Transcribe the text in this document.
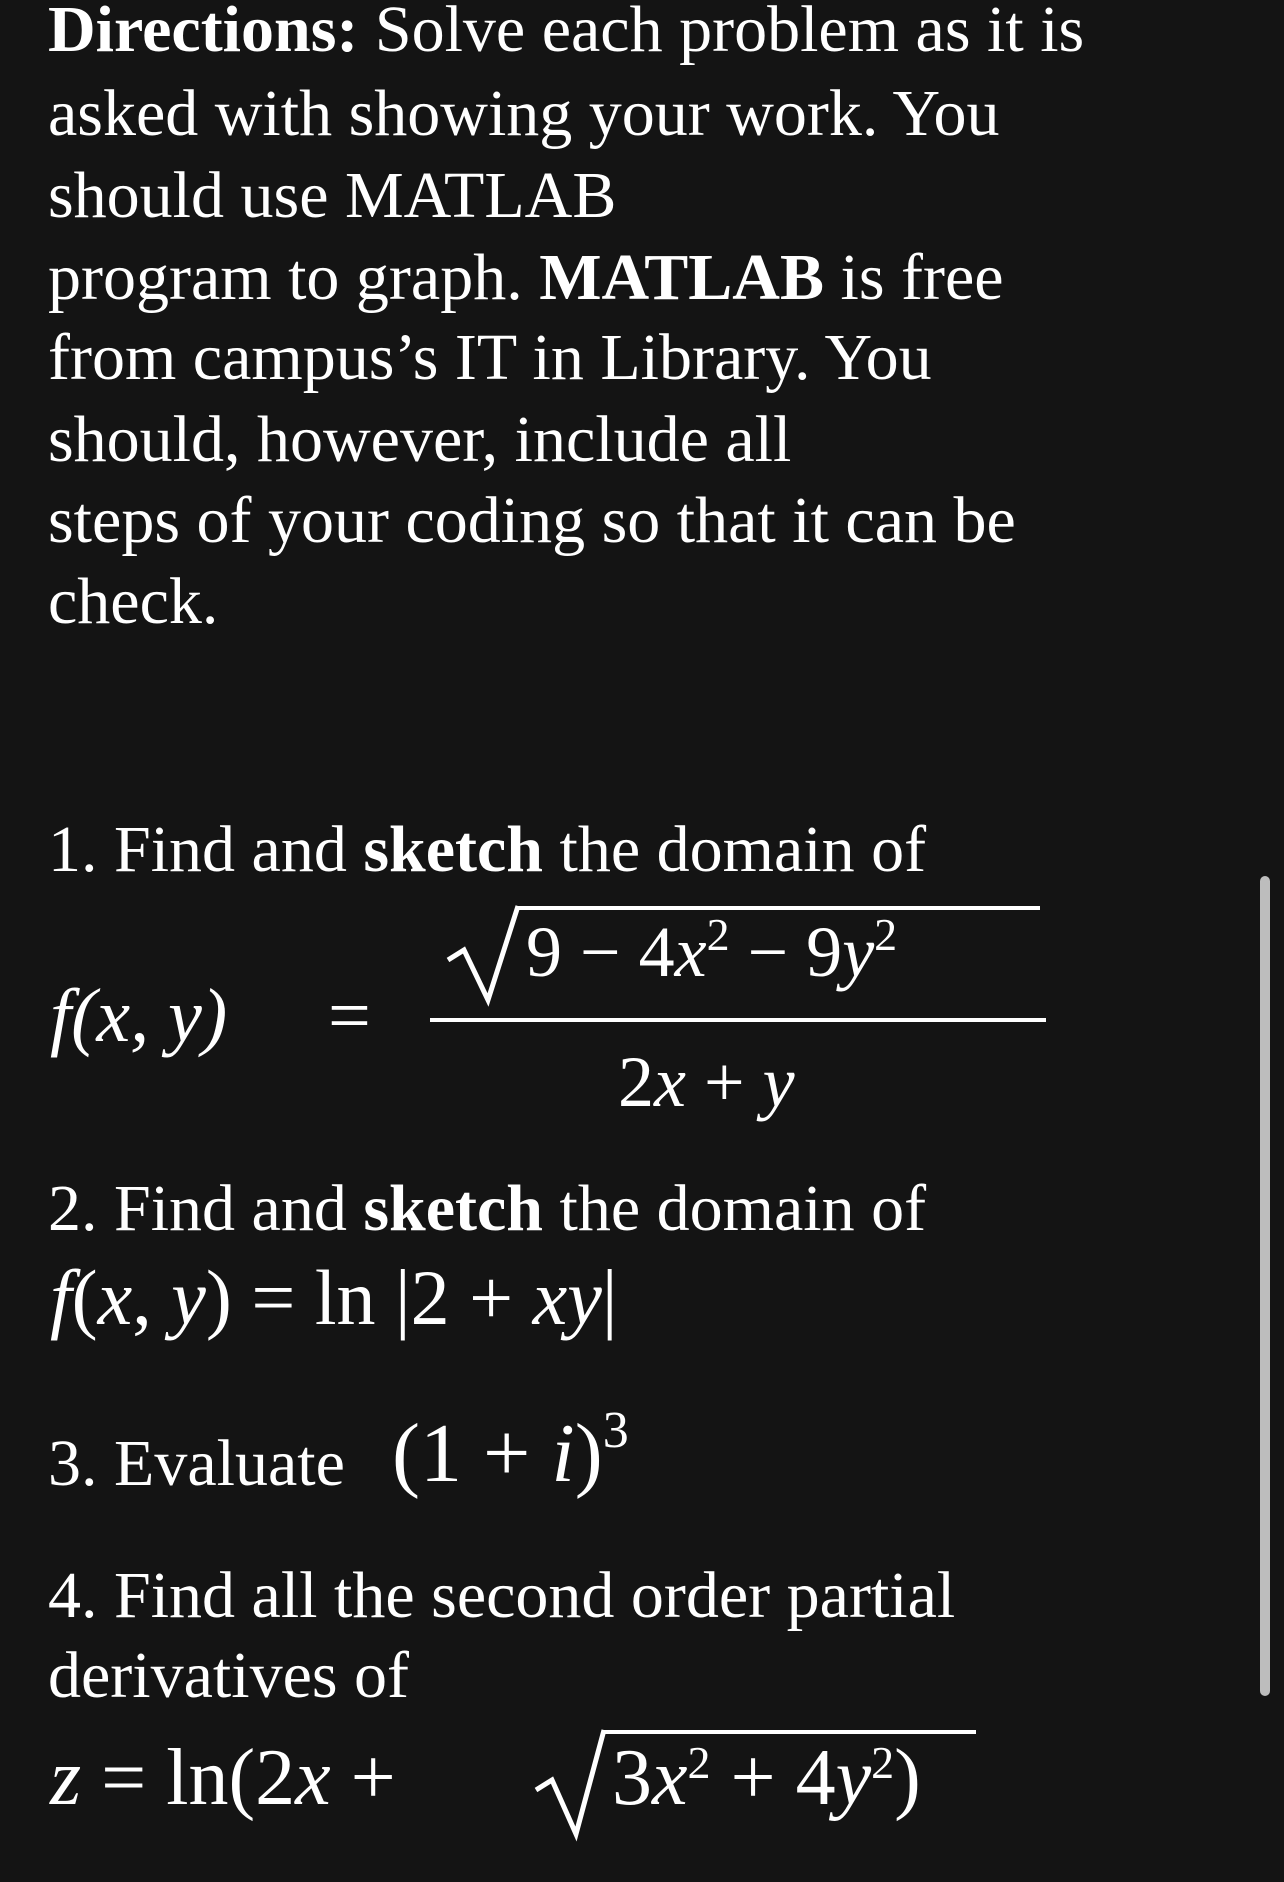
Directions: Solve each problem as it is
asked with showing your work. You
should use MATLAB
program to graph. MATLAB is free
from campus’s IT in Library. You
should, however, include all
steps of your coding so that it can be
check.
1. Find and sketch the domain of
f(x, y) =
$9 - 4x^2 - 9y^2$
2x + y
2. Find and sketch the domain of
f(x, y) = ln |2 + xy|
3. Evaluate $(1 + i)^3$
4. Find all the second order partial
derivatives of
z = ln(2x +	$3x^2 + 4y^2$)
